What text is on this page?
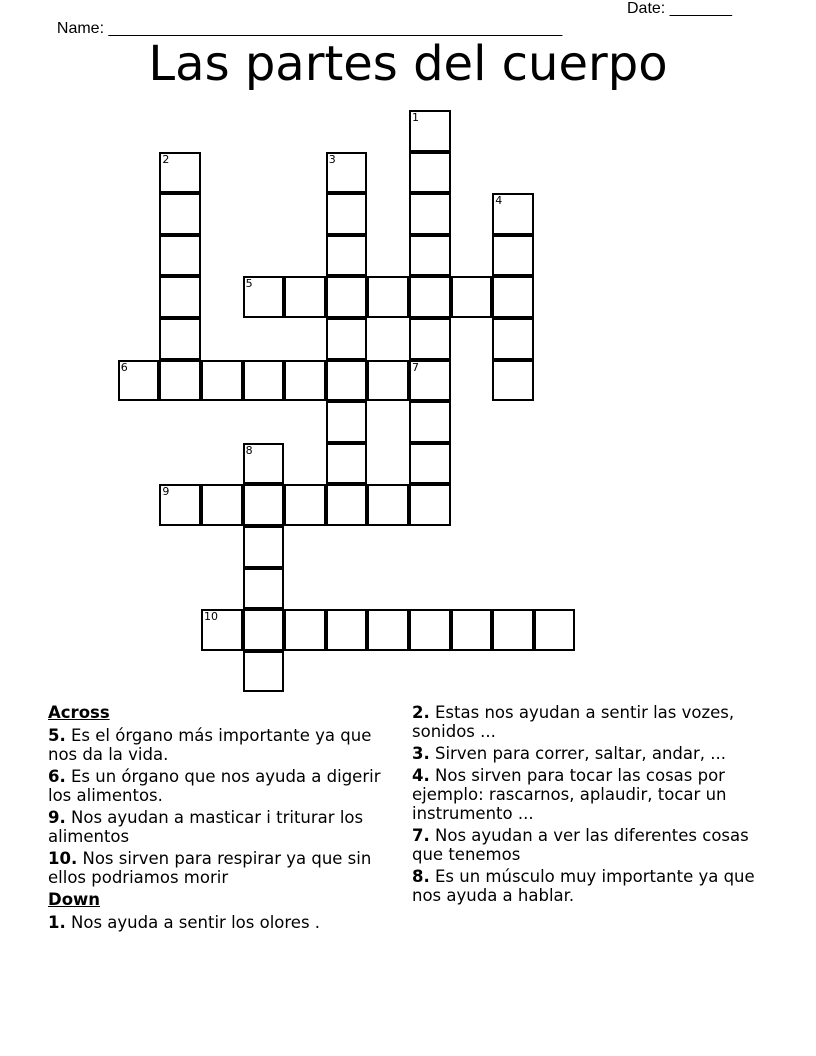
Name: ___________________________________________________

Date: _______

Las partes del cuerpo
1
2	3
4
5
6	7
8
9
10
Across
5. Es el órgano más importante ya que nos da la vida.
6. Es un órgano que nos ayuda a digerir los alimentos.
9. Nos ayudan a masticar i triturar los alimentos
10. Nos sirven para respirar ya que sin ellos podriamos morir
Down
1. Nos ayuda a sentir los olores .
2. Estas nos ayudan a sentir las vozes, sonidos ...
3. Sirven para correr, saltar, andar, ...
4. Nos sirven para tocar las cosas por ejemplo: rascarnos, aplaudir, tocar un instrumento ...
7. Nos ayudan a ver las diferentes cosas que tenemos
8. Es un músculo muy importante ya que nos ayuda a hablar.
